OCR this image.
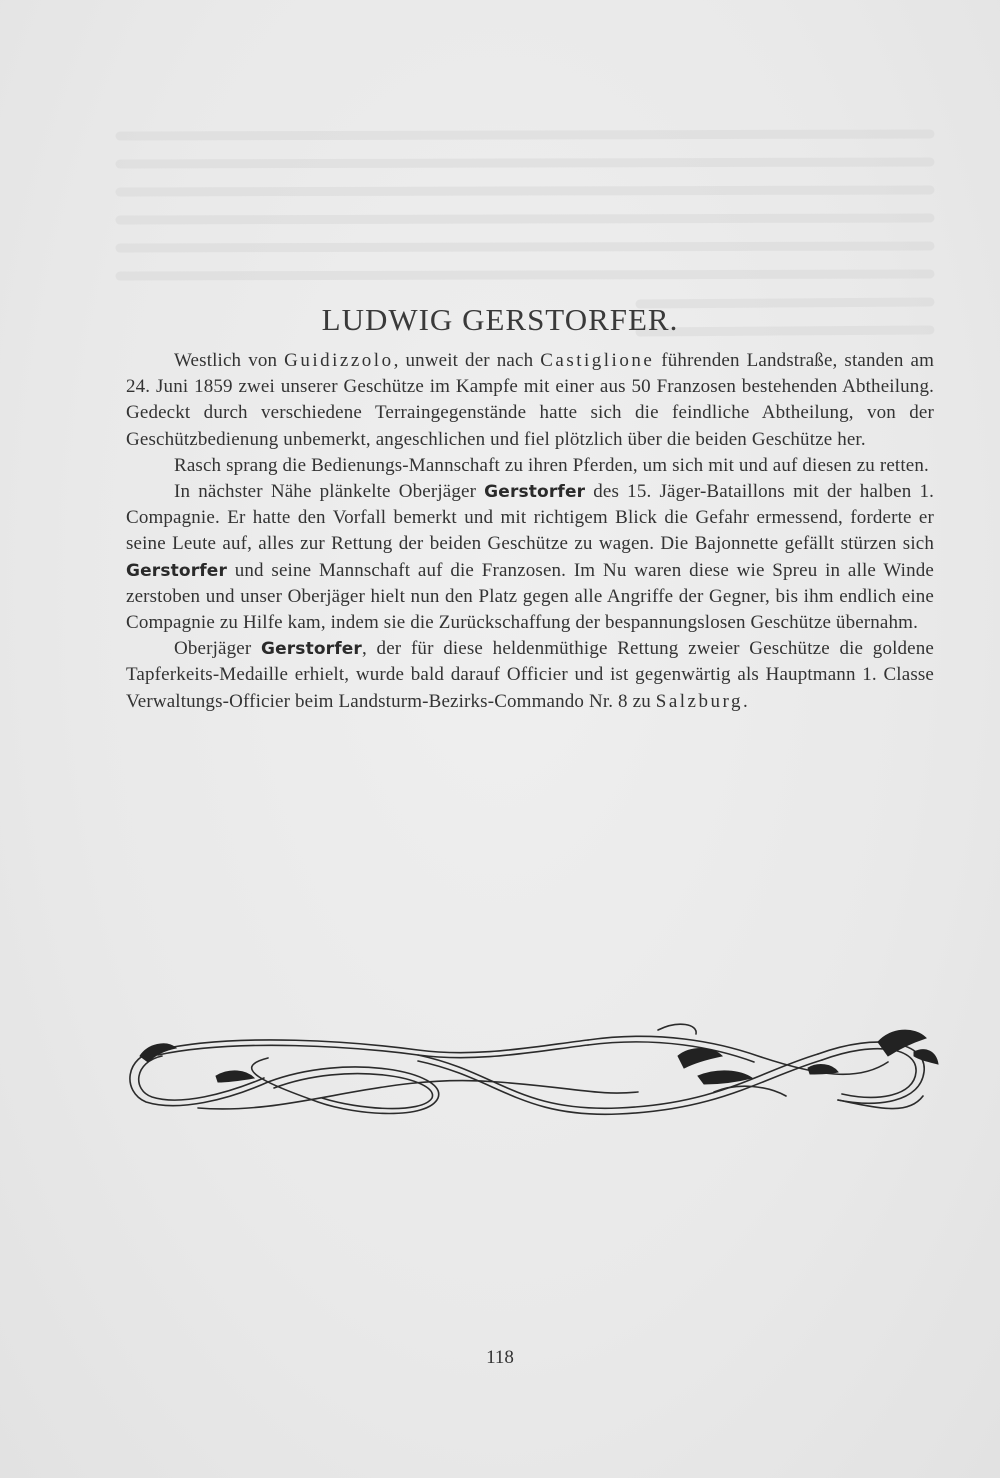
LUDWIG GERSTORFER.

Westlich von Guidizzolo, unweit der nach Castiglione führenden Landstraße, standen am 24. Juni 1859 zwei unserer Geschütze im Kampfe mit einer aus 50 Franzosen bestehenden Abtheilung. Gedeckt durch verschiedene Terraingegenstände hatte sich die feindliche Abtheilung, von der Geschützbedienung unbemerkt, angeschlichen und fiel plötzlich über die beiden Geschütze her.

Rasch sprang die Bedienungs-Mannschaft zu ihren Pferden, um sich mit und auf diesen zu retten.

In nächster Nähe plänkelte Oberjäger Gerstorfer des 15. Jäger-Bataillons mit der halben 1. Compagnie. Er hatte den Vorfall bemerkt und mit richtigem Blick die Gefahr ermessend, forderte er seine Leute auf, alles zur Rettung der beiden Geschütze zu wagen. Die Bajonnette gefällt stürzen sich Gerstorfer und seine Mannschaft auf die Franzosen. Im Nu waren diese wie Spreu in alle Winde zerstoben und unser Oberjäger hielt nun den Platz gegen alle Angriffe der Gegner, bis ihm endlich eine Compagnie zu Hilfe kam, indem sie die Zurückschaffung der bespannungslosen Geschütze übernahm.

Oberjäger Gerstorfer, der für diese heldenmüthige Rettung zweier Geschütze die goldene Tapferkeits-Medaille erhielt, wurde bald darauf Officier und ist gegenwärtig als Hauptmann 1. Classe Verwaltungs-Officier beim Landsturm-Bezirks-Commando Nr. 8 zu Salzburg.

118
